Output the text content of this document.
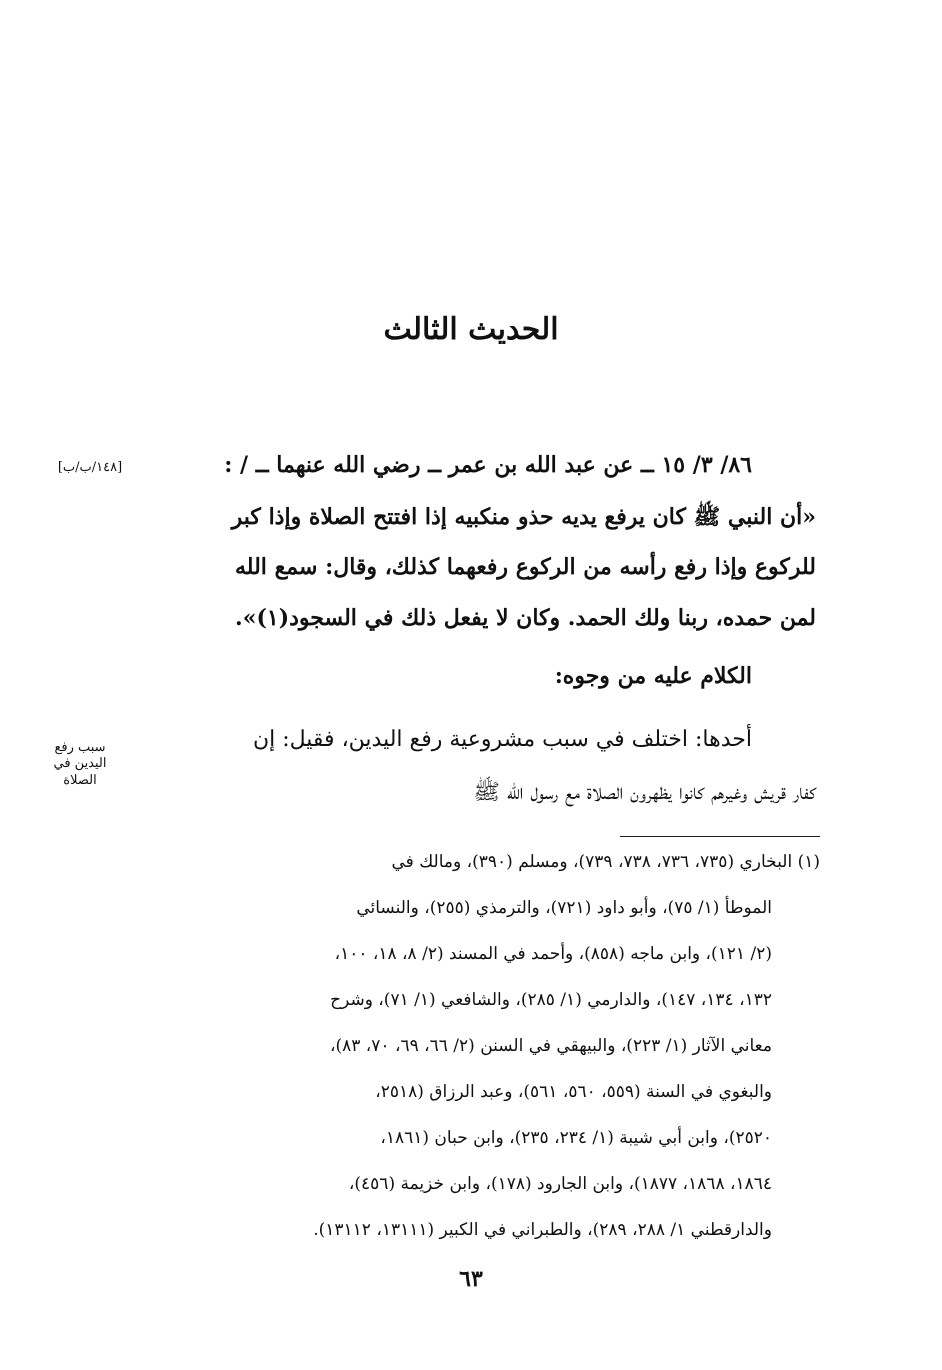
الحديث الثالث
٨٦/ ٣/ ١٥ ــ عن عبد الله بن عمر ــ رضي الله عنهما ــ / :
[١٤٨/ب/ب]
«أن النبي ﷺ كان يرفع يديه حذو منكبيه إذا افتتح الصلاة وإذا كبر
للركوع وإذا رفع رأسه من الركوع رفعهما كذلك، وقال: سمع الله
لمن حمده، ربنا ولك الحمد. وكان لا يفعل ذلك في السجود(١)».
الكلام عليه من وجوه:
أحدها: اختلف في سبب مشروعية رفع اليدين، فقيل: إن
كفار قريش وغيرهم كانوا يظهرون الصلاة مع رسول الله ﷺ
سبب رفع
اليدين في
الصلاة
(١) البخاري (٧٣٥، ٧٣٦، ٧٣٨، ٧٣٩)، ومسلم (٣٩٠)، ومالك في
الموطأ (١/ ٧٥)، وأبو داود (٧٢١)، والترمذي (٢٥٥)، والنسائي
(٢/ ١٢١)، وابن ماجه (٨٥٨)، وأحمد في المسند (٢/ ٨، ١٨، ١٠٠،
١٣٢، ١٣٤، ١٤٧)، والدارمي (١/ ٢٨٥)، والشافعي (١/ ٧١)، وشرح
معاني الآثار (١/ ٢٢٣)، والبيهقي في السنن (٢/ ٦٦، ٦٩، ٧٠، ٨٣)،
والبغوي في السنة (٥٥٩، ٥٦٠، ٥٦١)، وعبد الرزاق (٢٥١٨،
٢٥٢٠)، وابن أبي شيبة (١/ ٢٣٤، ٢٣٥)، وابن حبان (١٨٦١،
١٨٦٤، ١٨٦٨، ١٨٧٧)، وابن الجارود (١٧٨)، وابن خزيمة (٤٥٦)،
والدارقطني ١/ ٢٨٨، ٢٨٩)، والطبراني في الكبير (١٣١١١، ١٣١١٢).
٦٣
